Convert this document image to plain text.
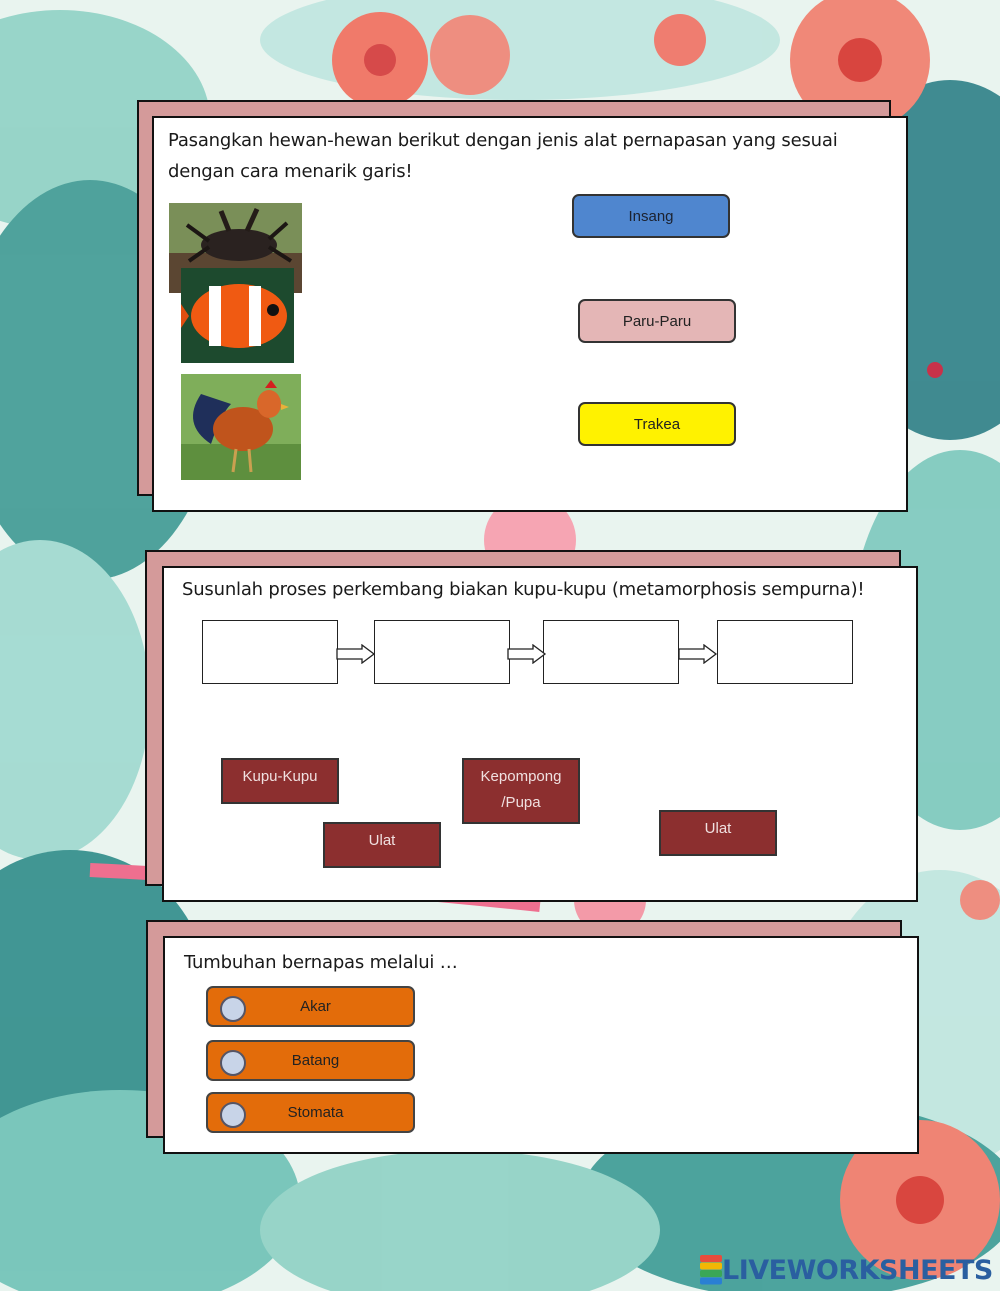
Pasangkan hewan-hewan berikut dengan jenis alat pernapasan yang sesuai
dengan cara menarik garis!
Insang
Paru-Paru
Trakea
Susunlah proses perkembang biakan kupu-kupu (metamorphosis sempurna)!
Kupu-Kupu
Ulat
Kepompong /Pupa
Ulat
Tumbuhan bernapas melalui …
Akar
Batang
Stomata
LIVEWORKSHEETS
